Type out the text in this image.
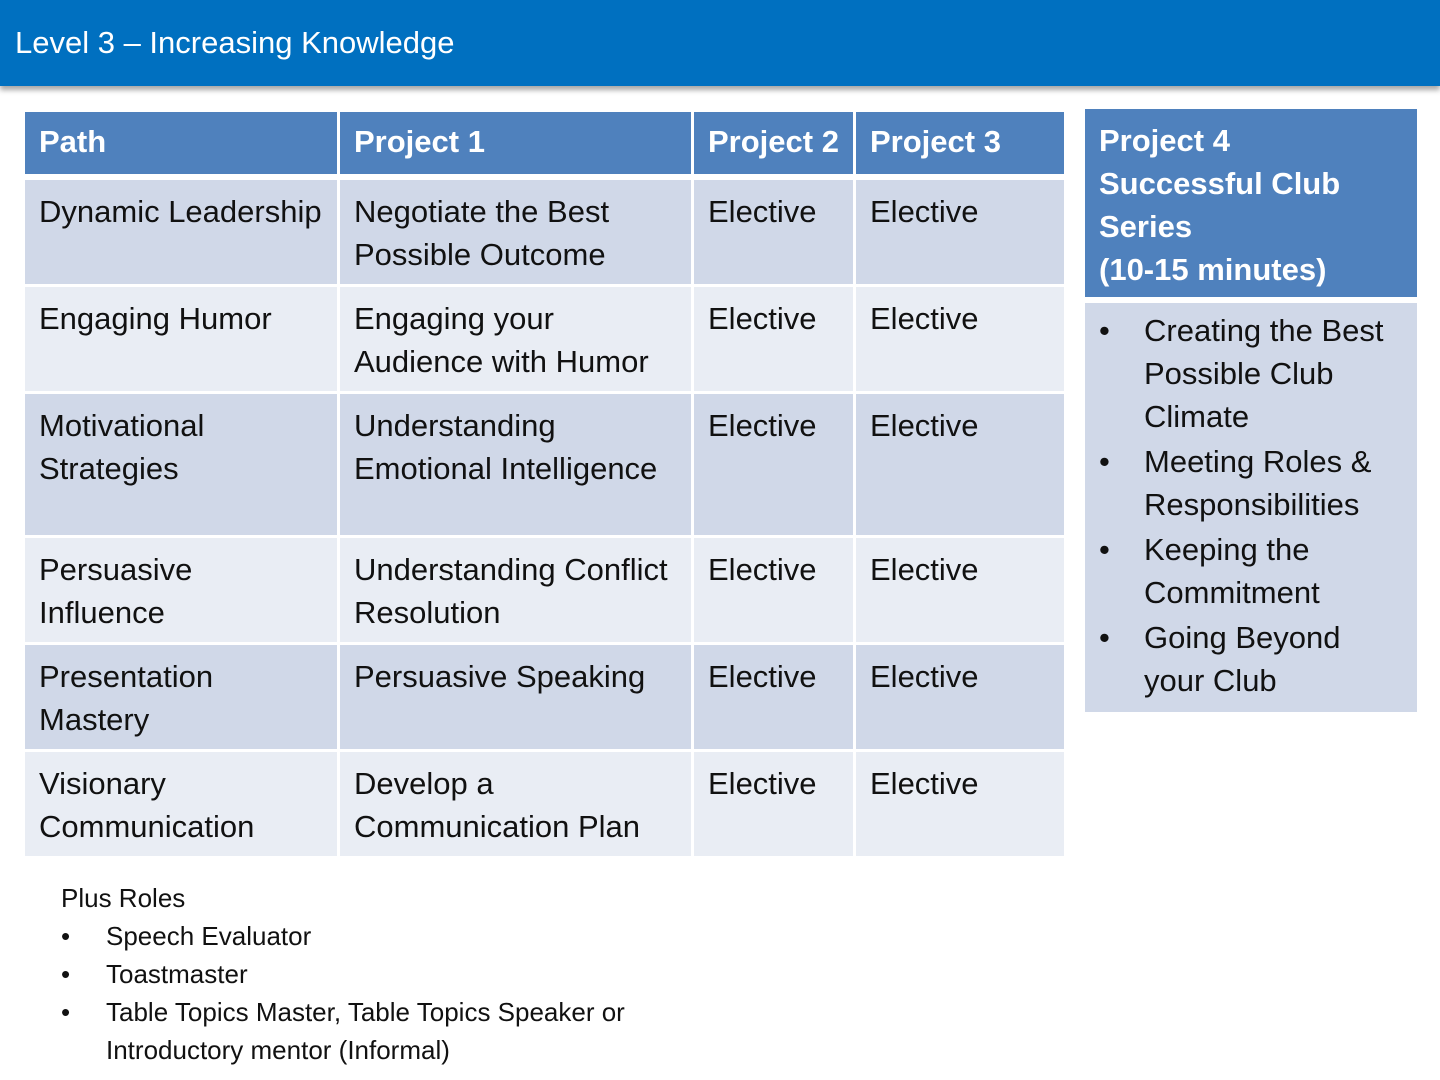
Level 3 – Increasing Knowledge
Path	Project 1	Project 2	Project 3
Dynamic Leadership	Negotiate the Best Possible Outcome	Elective	Elective
Engaging Humor	Engaging your Audience with Humor	Elective	Elective
Motivational Strategies	Understanding Emotional Intelligence	Elective	Elective
Persuasive Influence	Understanding Conflict Resolution	Elective	Elective
Presentation Mastery	Persuasive Speaking	Elective	Elective
Visionary Communication	Develop a Communication Plan	Elective	Elective
Project 4
Successful Club
Series
(10-15 minutes)
• Creating the Best Possible Club Climate
• Meeting Roles & Responsibilities
• Keeping the Commitment
• Going Beyond your Club
Plus Roles
• Speech Evaluator
• Toastmaster
• Table Topics Master, Table Topics Speaker or Introductory mentor (Informal)
